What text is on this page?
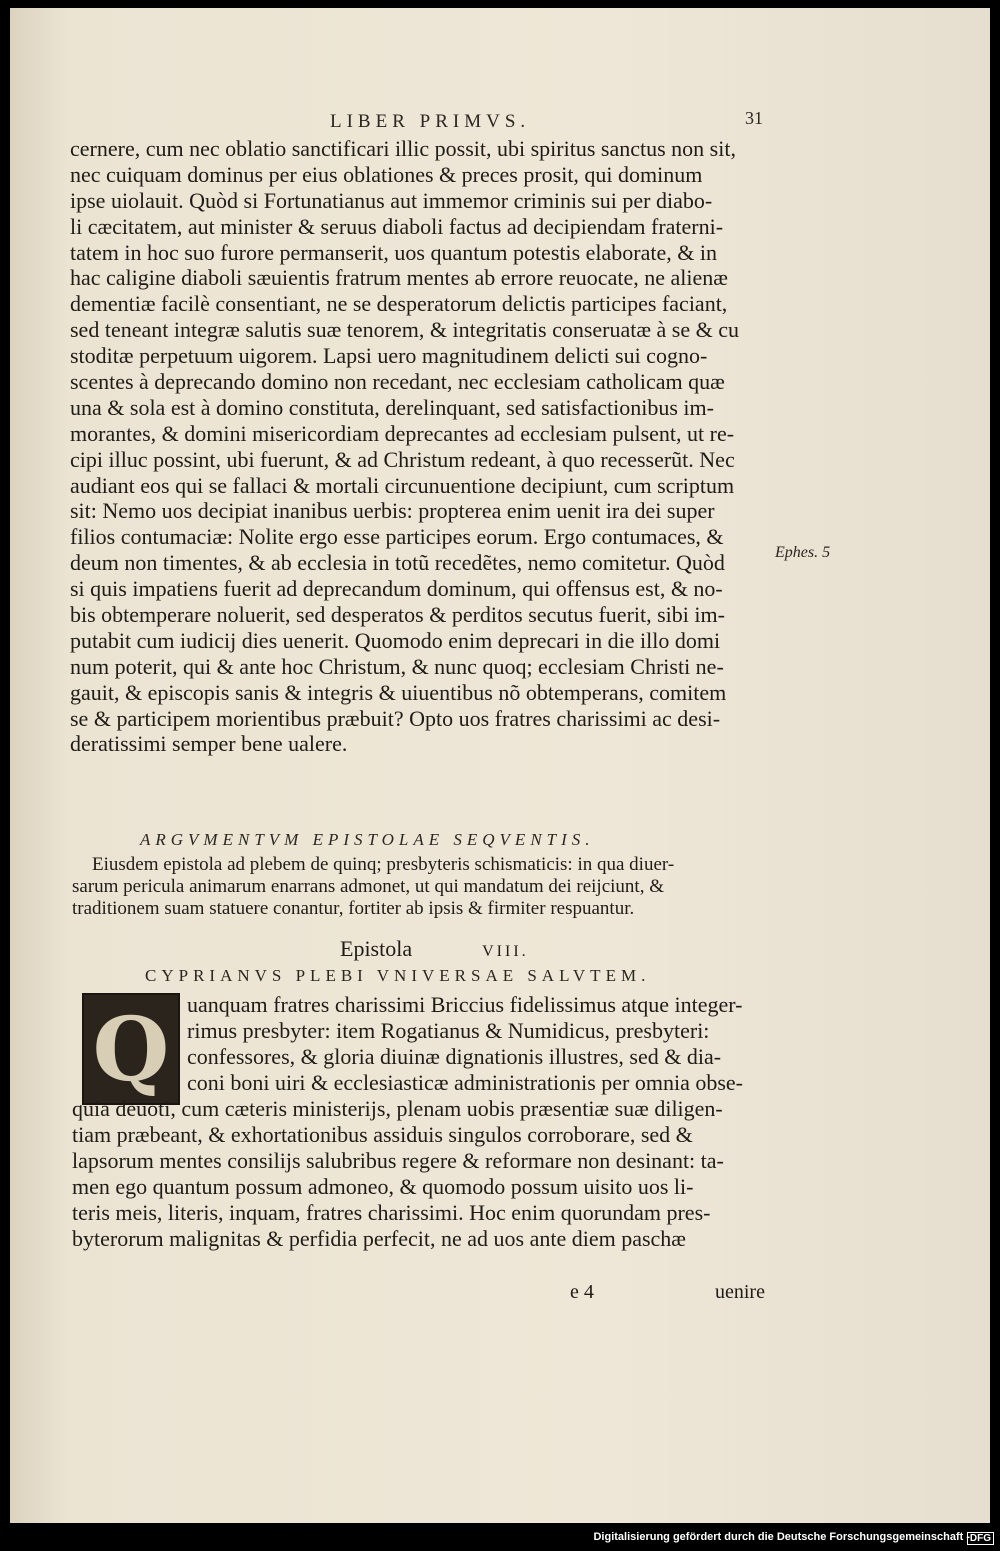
LIBER PRIMVS.	31
cernere, cum nec oblatio sanctificari illic possit, ubi spiritus sanctus non sit,
nec cuiquam dominus per eius oblationes & preces prosit, qui dominum
ipse uiolauit. Quòd si Fortunatianus aut immemor criminis sui per diabo-
li cæcitatem, aut minister & seruus diaboli factus ad decipiendam fraterni-
tatem in hoc suo furore permanserit, uos quantum potestis elaborate, & in
hac caligine diaboli sæuientis fratrum mentes ab errore reuocate, ne alienæ
dementiæ facilè consentiant, ne se desperatorum delictis participes faciant,
sed teneant integræ salutis suæ tenorem, & integritatis conseruatæ à se & cu
stoditæ perpetuum uigorem. Lapsi uero magnitudinem delicti sui cogno-
scentes à deprecando domino non recedant, nec ecclesiam catholicam quæ
una & sola est à domino constituta, derelinquant, sed satisfactionibus im-
morantes, & domini misericordiam deprecantes ad ecclesiam pulsent, ut re-
cipi illuc possint, ubi fuerunt, & ad Christum redeant, à quo recesserũt. Nec
audiant eos qui se fallaci & mortali circunuentione decipiunt, cum scriptum
sit: Nemo uos decipiat inanibus uerbis: propterea enim uenit ira dei super
filios contumaciæ: Nolite ergo esse participes eorum. Ergo contumaces, &
deum non timentes, & ab ecclesia in totũ recedẽtes, nemo comitetur. Quòd
si quis impatiens fuerit ad deprecandum dominum, qui offensus est, & no-
bis obtemperare noluerit, sed desperatos & perditos secutus fuerit, sibi im-
putabit cum iudicij dies uenerit. Quomodo enim deprecari in die illo domi
num poterit, qui & ante hoc Christum, & nunc quoq; ecclesiam Christi ne-
gauit, & episcopis sanis & integris & uiuentibus nõ obtemperans, comitem
se & participem morientibus præbuit? Opto uos fratres charissimi ac desi-
deratissimi semper bene ualere.
Ephes. 5
ARGVMENTVM EPISTOLAE SEQVENTIS.
Eiusdem epistola ad plebem de quinq; presbyteris schismaticis: in qua diuer-
sarum pericula animarum enarrans admonet, ut qui mandatum dei reijciunt, &
traditionem suam statuere conantur, fortiter ab ipsis & firmiter respuantur.
Epistola	VIII.
CYPRIANVS PLEBI VNIVERSAE SALVTEM.
Q uanquam fratres charissimi Briccius fidelissimus atque integer-
rimus presbyter: item Rogatianus & Numidicus, presbyteri:
confessores, & gloria diuinæ dignationis illustres, sed & dia-
coni boni uiri & ecclesiasticæ administrationis per omnia obse-
quia deuoti, cum cæteris ministerijs, plenam uobis præsentiæ suæ diligen-
tiam præbeant, & exhortationibus assiduis singulos corroborare, sed &
lapsorum mentes consilijs salubribus regere & reformare non desinant: ta-
men ego quantum possum admoneo, & quomodo possum uisito uos li-
teris meis, literis, inquam, fratres charissimi. Hoc enim quorundam pres-
byterorum malignitas & perfidia perfecit, ne ad uos ante diem paschæ
e 4	uenire
Digitalisierung gefördert durch die Deutsche Forschungsgemeinschaft - DFG
